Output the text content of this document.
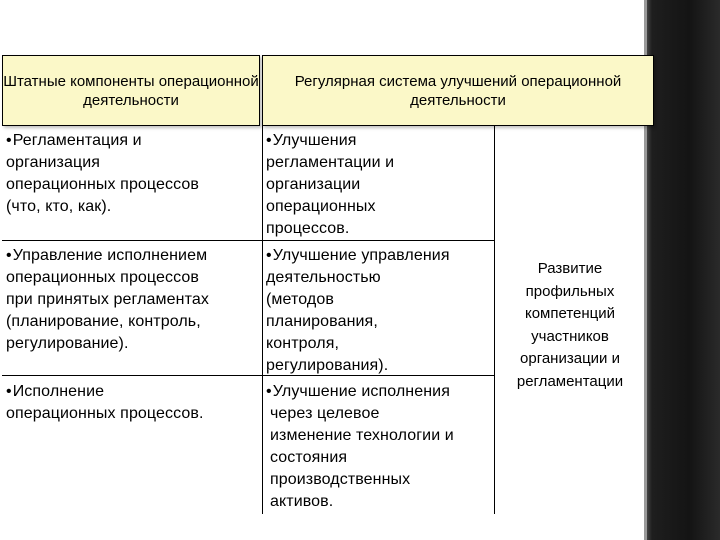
Штатные компоненты операционной деятельности
Регулярная система улучшений операционной деятельности
• Регламентация и
организация
операционных процессов
(что, кто, как).
• Улучшения
регламентации и
организации
операционных
процессов.
• Управление исполнением
операционных процессов
при принятых регламентах
(планирование, контроль,
регулирование).
• Улучшение управления
деятельностью
(методов
планирования,
контроля,
регулирования).
• Исполнение
операционных процессов.
• Улучшение исполнения
через целевое
изменение технологии и
состояния
производственных
активов.
Развитие
профильных
компетенций
участников
организации и
регламентации
